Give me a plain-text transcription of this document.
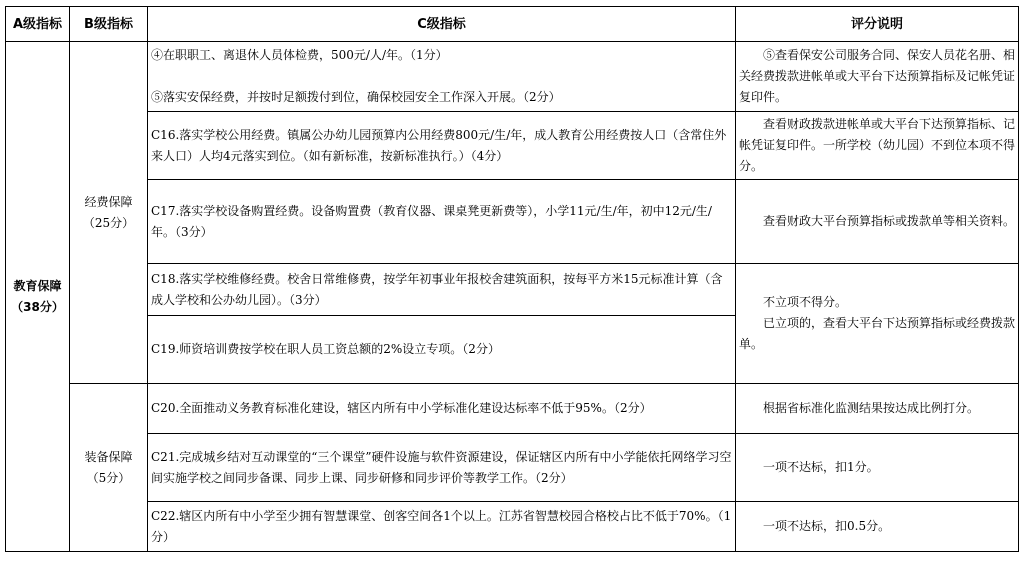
A级指标	B级指标	C级指标	评分说明

教育保障
（38分）	经费保障
（25分）	④在职职工、离退休人员体检费，500元/人/年。（1分）
⑤落实安保经费，并按时足额拨付到位，确保校园安全工作深入开展。（2分）	⑤查看保安公司服务合同、保安人员花名册、相关经费拨款进帐单或大平台下达预算指标及记帐凭证复印件。

		C16.落实学校公用经费。镇属公办幼儿园预算内公用经费800元/生/年，成人教育公用经费按人口（含常住外来人口）人均4元落实到位。（如有新标准，按新标准执行。）（4分）	查看财政拨款进帐单或大平台下达预算指标、记帐凭证复印件。一所学校（幼儿园）不到位本项不得分。

		C17.落实学校设备购置经费。设备购置费（教育仪器、课桌凳更新费等），小学11元/生/年，初中12元/生/年。（3分）	查看财政大平台预算指标或拨款单等相关资料。

		C18.落实学校维修经费。校舍日常维修费，按学年初事业年报校舍建筑面积，按每平方米15元标准计算（含成人学校和公办幼儿园）。（3分）	不立项不得分。
已立项的，查看大平台下达预算指标或经费拨款单。

		C19.师资培训费按学校在职人员工资总额的2%设立专项。（2分）	

	装备保障
（5分）	C20.全面推动义务教育标准化建设，辖区内所有中小学标准化建设达标率不低于95%。（2分）	根据省标准化监测结果按达成比例打分。

		C21.完成城乡结对互动课堂的“三个课堂”硬件设施与软件资源建设，保证辖区内所有中小学能依托网络学习空间实施学校之间同步备课、同步上课、同步研修和同步评价等教学工作。（2分）	一项不达标，扣1分。

		C22.辖区内所有中小学至少拥有智慧课堂、创客空间各1个以上。江苏省智慧校园合格校占比不低于70%。（1分）	一项不达标，扣0.5分。
